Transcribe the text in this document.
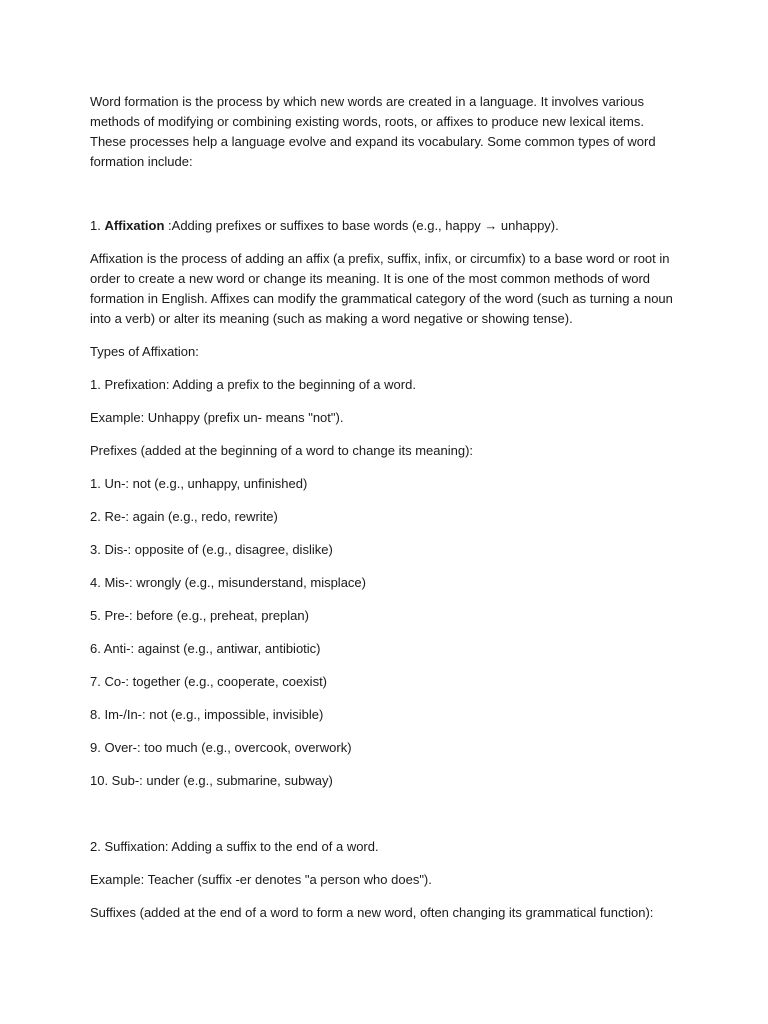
Word formation is the process by which new words are created in a language. It involves various methods of modifying or combining existing words, roots, or affixes to produce new lexical items. These processes help a language evolve and expand its vocabulary. Some common types of word formation include:

1. Affixation :Adding prefixes or suffixes to base words (e.g., happy → unhappy).

Affixation is the process of adding an affix (a prefix, suffix, infix, or circumfix) to a base word or root in order to create a new word or change its meaning. It is one of the most common methods of word formation in English. Affixes can modify the grammatical category of the word (such as turning a noun into a verb) or alter its meaning (such as making a word negative or showing tense).

Types of Affixation:

1. Prefixation: Adding a prefix to the beginning of a word.

Example: Unhappy (prefix un- means "not").

Prefixes (added at the beginning of a word to change its meaning):

1. Un-: not (e.g., unhappy, unfinished)

2. Re-: again (e.g., redo, rewrite)

3. Dis-: opposite of (e.g., disagree, dislike)

4. Mis-: wrongly (e.g., misunderstand, misplace)

5. Pre-: before (e.g., preheat, preplan)

6. Anti-: against (e.g., antiwar, antibiotic)

7. Co-: together (e.g., cooperate, coexist)

8. Im-/In-: not (e.g., impossible, invisible)

9. Over-: too much (e.g., overcook, overwork)

10. Sub-: under (e.g., submarine, subway)

2. Suffixation: Adding a suffix to the end of a word.

Example: Teacher (suffix -er denotes "a person who does").

Suffixes (added at the end of a word to form a new word, often changing its grammatical function):
